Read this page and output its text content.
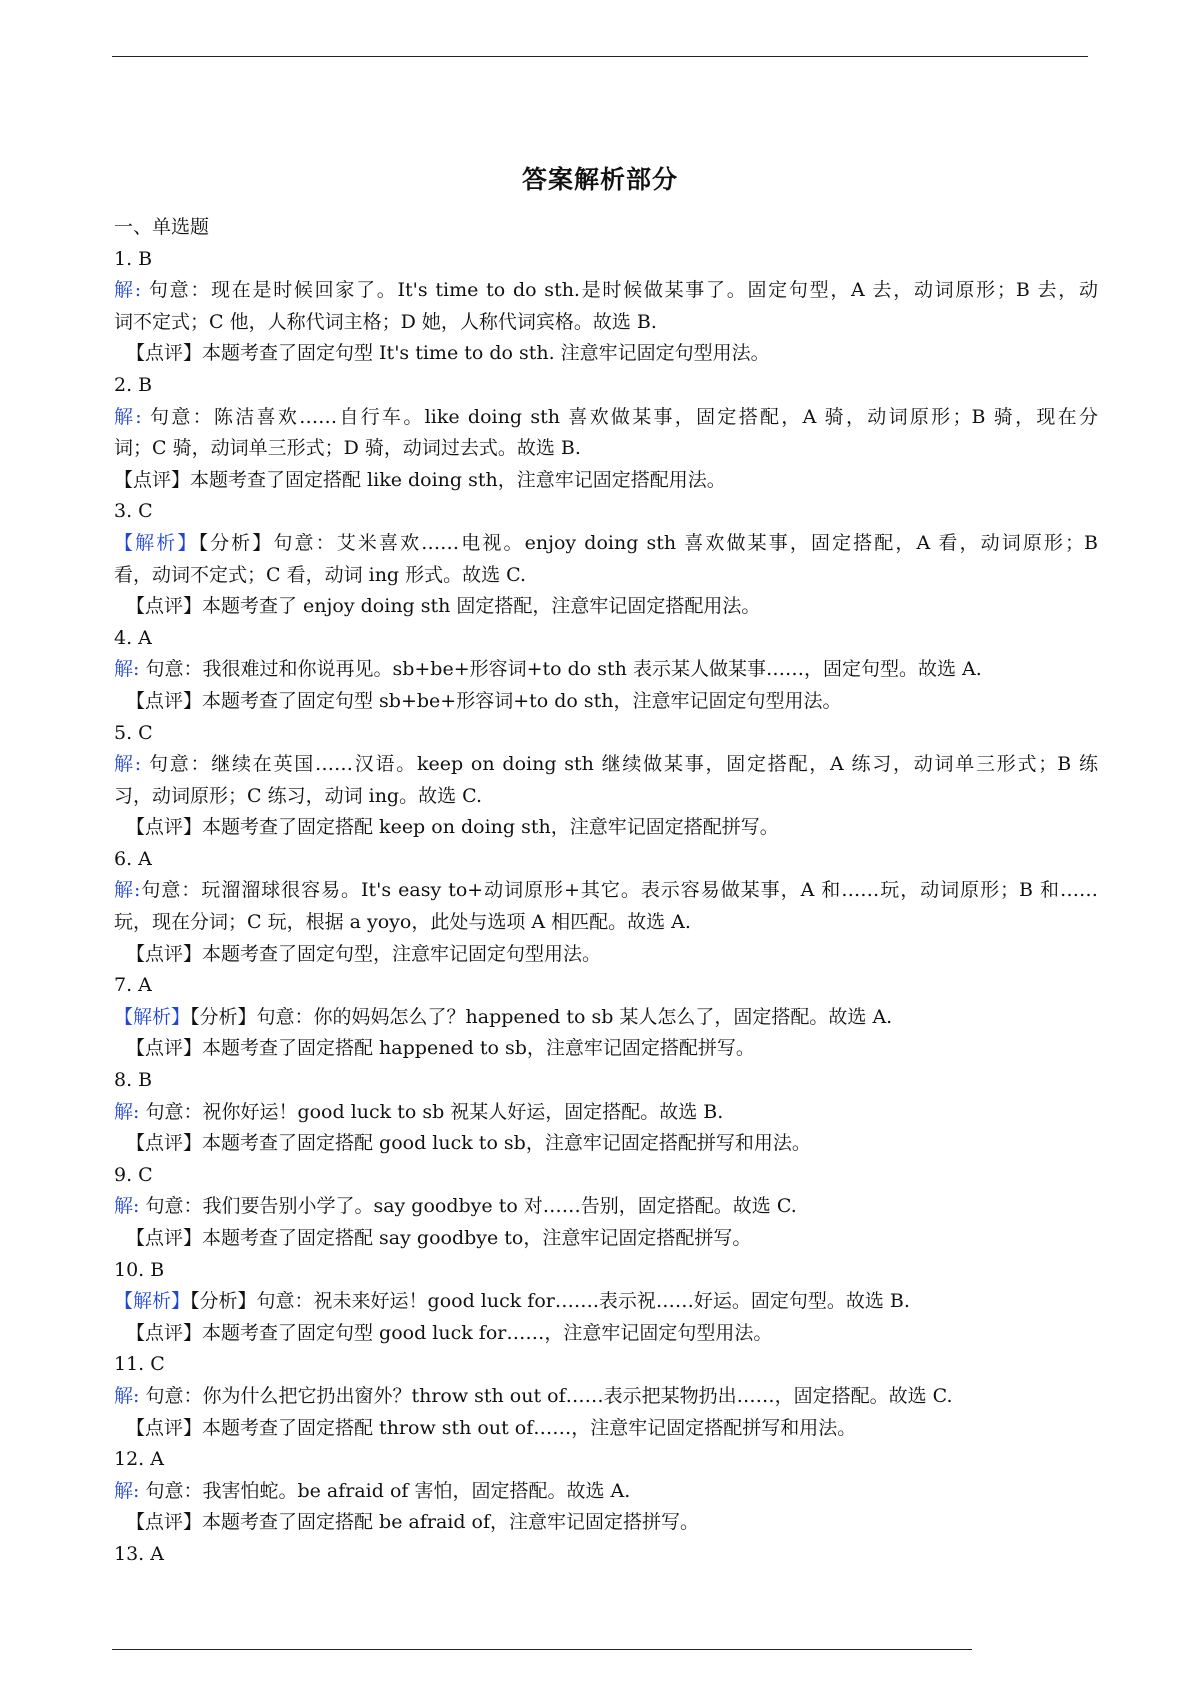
答案解析部分
一、单选题
1. B
解: 句意：现在是时候回家了。It's time to do sth.是时候做某事了。固定句型，A 去，动词原形；B 去，动
词不定式；C 他，人称代词主格；D 她，人称代词宾格。故选 B.
【点评】本题考查了固定句型 It's time to do sth. 注意牢记固定句型用法。
2. B
解: 句意：陈洁喜欢……自行车。like doing sth 喜欢做某事，固定搭配，A 骑，动词原形；B 骑，现在分
词；C 骑，动词单三形式；D 骑，动词过去式。故选 B.
【点评】本题考查了固定搭配 like doing sth，注意牢记固定搭配用法。
3. C
【解析】【分析】句意：艾米喜欢……电视。enjoy doing sth 喜欢做某事，固定搭配，A 看，动词原形；B
看，动词不定式；C 看，动词 ing 形式。故选 C.
【点评】本题考查了 enjoy doing sth 固定搭配，注意牢记固定搭配用法。
4. A
解: 句意：我很难过和你说再见。sb+be+形容词+to do sth 表示某人做某事……，固定句型。故选 A.
【点评】本题考查了固定句型 sb+be+形容词+to do sth，注意牢记固定句型用法。
5. C
解: 句意：继续在英国……汉语。keep on doing sth 继续做某事，固定搭配，A 练习，动词单三形式；B 练
习，动词原形；C 练习，动词 ing。故选 C.
【点评】本题考查了固定搭配 keep on doing sth，注意牢记固定搭配拼写。
6. A
解:句意：玩溜溜球很容易。It's easy to+动词原形+其它。表示容易做某事，A 和……玩，动词原形；B 和……
玩，现在分词；C 玩，根据 a yoyo，此处与选项 A 相匹配。故选 A.
【点评】本题考查了固定句型，注意牢记固定句型用法。
7. A
【解析】【分析】句意：你的妈妈怎么了？happened to sb 某人怎么了，固定搭配。故选 A.
【点评】本题考查了固定搭配 happened to sb，注意牢记固定搭配拼写。
8. B
解: 句意：祝你好运！good luck to sb 祝某人好运，固定搭配。故选 B.
【点评】本题考查了固定搭配 good luck to sb，注意牢记固定搭配拼写和用法。
9. C
解: 句意：我们要告别小学了。say goodbye to 对……告别，固定搭配。故选 C.
【点评】本题考查了固定搭配 say goodbye to，注意牢记固定搭配拼写。
10. B
【解析】【分析】句意：祝未来好运！good luck for…….表示祝……好运。固定句型。故选 B.
【点评】本题考查了固定句型 good luck for……，注意牢记固定句型用法。
11. C
解: 句意：你为什么把它扔出窗外？throw sth out of……表示把某物扔出……，固定搭配。故选 C.
【点评】本题考查了固定搭配 throw sth out of……，注意牢记固定搭配拼写和用法。
12. A
解: 句意：我害怕蛇。be afraid of 害怕，固定搭配。故选 A.
【点评】本题考查了固定搭配 be afraid of，注意牢记固定搭拼写。
13. A
